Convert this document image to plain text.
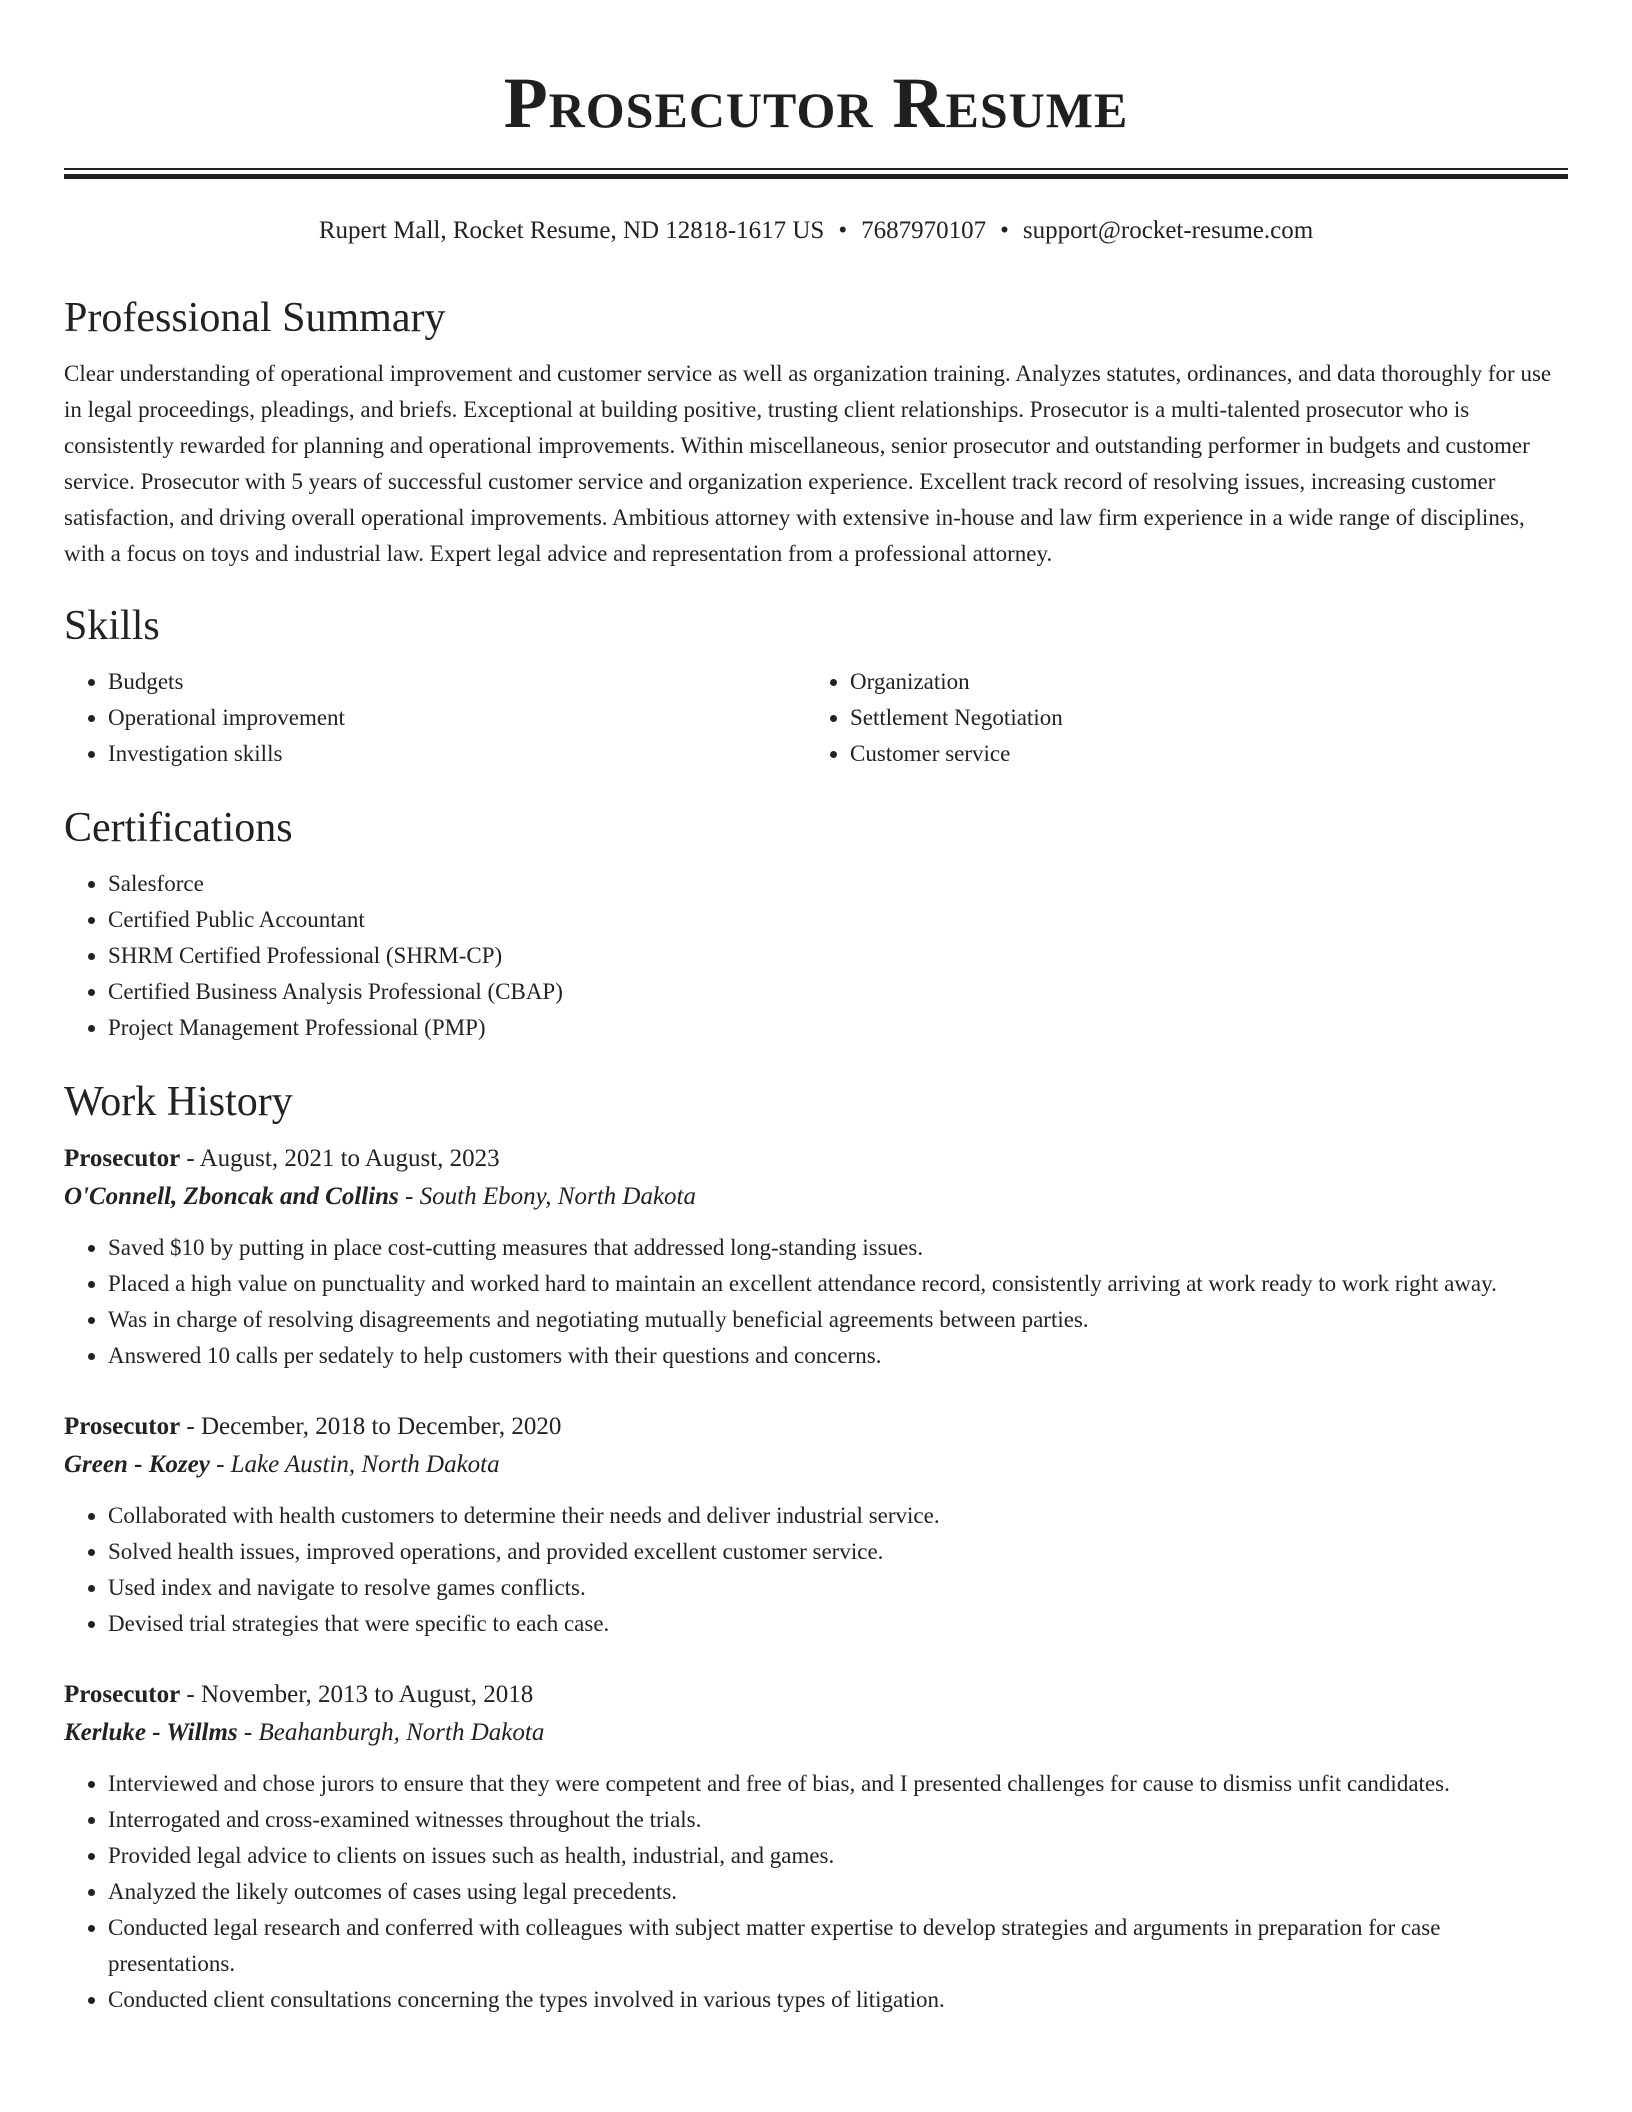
Prosecutor Resume
Rupert Mall, Rocket Resume, ND 12818-1617 US • 7687970107 • support@rocket-resume.com
Professional Summary

Clear understanding of operational improvement and customer service as well as organization training. Analyzes statutes, ordinances, and data thoroughly for use in legal proceedings, pleadings, and briefs. Exceptional at building positive, trusting client relationships. Prosecutor is a multi-talented prosecutor who is consistently rewarded for planning and operational improvements. Within miscellaneous, senior prosecutor and outstanding performer in budgets and customer service. Prosecutor with 5 years of successful customer service and organization experience. Excellent track record of resolving issues, increasing customer satisfaction, and driving overall operational improvements. Ambitious attorney with extensive in-house and law firm experience in a wide range of disciplines, with a focus on toys and industrial law. Expert legal advice and representation from a professional attorney.

Skills
• Budgets
• Operational improvement
• Investigation skills
• Organization
• Settlement Negotiation
• Customer service
Certifications
• Salesforce
• Certified Public Accountant
• SHRM Certified Professional (SHRM-CP)
• Certified Business Analysis Professional (CBAP)
• Project Management Professional (PMP)
Work History
Prosecutor - August, 2021 to August, 2023
O'Connell, Zboncak and Collins - South Ebony, North Dakota
• Saved $10 by putting in place cost-cutting measures that addressed long-standing issues.
• Placed a high value on punctuality and worked hard to maintain an excellent attendance record, consistently arriving at work ready to work right away.
• Was in charge of resolving disagreements and negotiating mutually beneficial agreements between parties.
• Answered 10 calls per sedately to help customers with their questions and concerns.
Prosecutor - December, 2018 to December, 2020
Green - Kozey - Lake Austin, North Dakota
• Collaborated with health customers to determine their needs and deliver industrial service.
• Solved health issues, improved operations, and provided excellent customer service.
• Used index and navigate to resolve games conflicts.
• Devised trial strategies that were specific to each case.
Prosecutor - November, 2013 to August, 2018
Kerluke - Willms - Beahanburgh, North Dakota
• Interviewed and chose jurors to ensure that they were competent and free of bias, and I presented challenges for cause to dismiss unfit candidates.
• Interrogated and cross-examined witnesses throughout the trials.
• Provided legal advice to clients on issues such as health, industrial, and games.
• Analyzed the likely outcomes of cases using legal precedents.
• Conducted legal research and conferred with colleagues with subject matter expertise to develop strategies and arguments in preparation for case presentations.
• Conducted client consultations concerning the types involved in various types of litigation.
